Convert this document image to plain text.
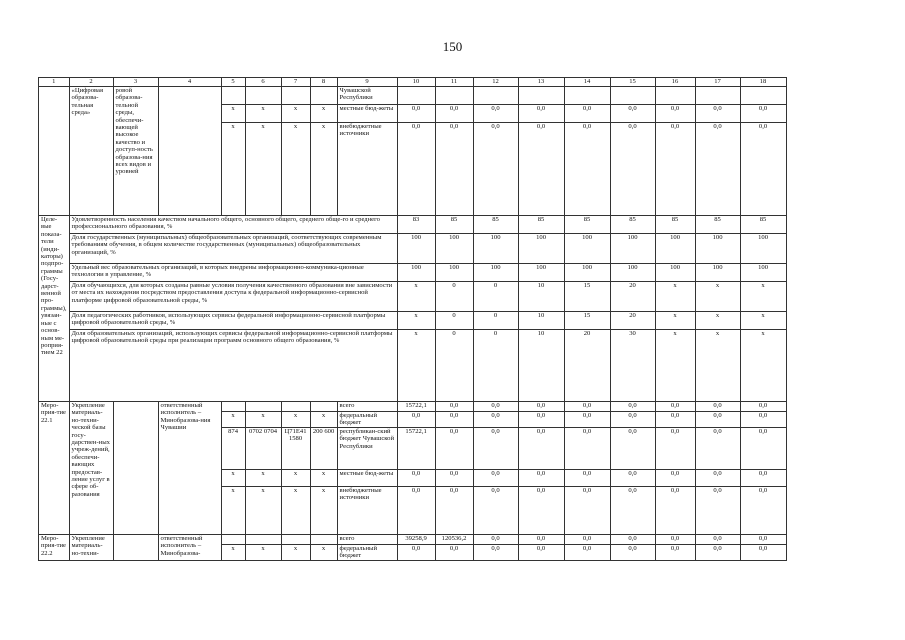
150
1	2	3	4	5	6	7	8	9	10	11	12	13	14	15	16	17	18
	«Цифровая образова-тельная среда»	ровой образова-тельной среды, обеспечи-вающей высокое качество и доступ-ность образова-ния всех видов и уровней						Чувашской Республики									
				x	x	x	x	местные бюд-жеты	0,0	0,0	0,0	0,0	0,0	0,0	0,0	0,0	0,0
				x	x	x	x	внебюджетные источники	0,0	0,0	0,0	0,0	0,0	0,0	0,0	0,0	0,0
Целе-вые показа-тели (инди-каторы) подпро-граммы (Госу-дарст-венной про-граммы), увязан-ные с основ-ным ме-роприя-тием 22	Удовлетворенность населения качеством начального общего, основного общего, среднего обще-го и среднего профессионального образования, %								83	85	85	85	85	85	85	85	85
	Доля государственных (муниципальных) общеобразовательных организаций, соответствующих современным требованиям обучения, в общем количестве государственных (муниципальных) общеобразовательных организаций, %								100	100	100	100	100	100	100	100	100
	Удельный вес образовательных организаций, в которых внедрены информационно-коммуника-ционные технологии в управление, %								100	100	100	100	100	100	100	100	100
	Доля обучающихся, для которых созданы равные условия получения качественного образования вне зависимости от места их нахождения посредством предоставления доступа к федеральной информационно-сервисной платформе цифровой образовательной среды, %								x	0	0	10	15	20	x	x	x
	Доля педагогических работников, использующих сервисы федеральной информационно-сервисной платформы цифровой образовательной среды, %								x	0	0	10	15	20	x	x	x
	Доля образовательных организаций, использующих сервисы федеральной информационно-сервисной платформы цифровой образовательной среды при реализации программ основного общего образования, %								x	0	0	10	20	30	x	x	x
Меро-прия-тие 22.1	Укрепление материаль-но-техни-ческой базы госу-дарствен-ных учреж-дений, обеспечи-вающих предостав-ление услуг в сфере об-разования		ответственный исполнитель – Минобразова-ния Чувашии					всего	15722,1	0,0	0,0	0,0	0,0	0,0	0,0	0,0	0,0
				x	x	x	x	федеральный бюджет	0,0	0,0	0,0	0,0	0,0	0,0	0,0	0,0	0,0
				874	0702 0704	Ц71Е41 1580	200 600	республикан-ский бюджет Чувашской Республики	15722,1	0,0	0,0	0,0	0,0	0,0	0,0	0,0	0,0
				x	x	x	x	местные бюд-жеты	0,0	0,0	0,0	0,0	0,0	0,0	0,0	0,0	0,0
				x	x	x	x	внебюджетные источники	0,0	0,0	0,0	0,0	0,0	0,0	0,0	0,0	0,0
Меро-прия-тие 22.2	Укрепление материаль-но-техни-		ответственный исполнитель – Минобразова-					всего	39258,9	120536,2	0,0	0,0	0,0	0,0	0,0	0,0	0,0
				x	x	x	x	федеральный бюджет	0,0	0,0	0,0	0,0	0,0	0,0	0,0	0,0	0,0
